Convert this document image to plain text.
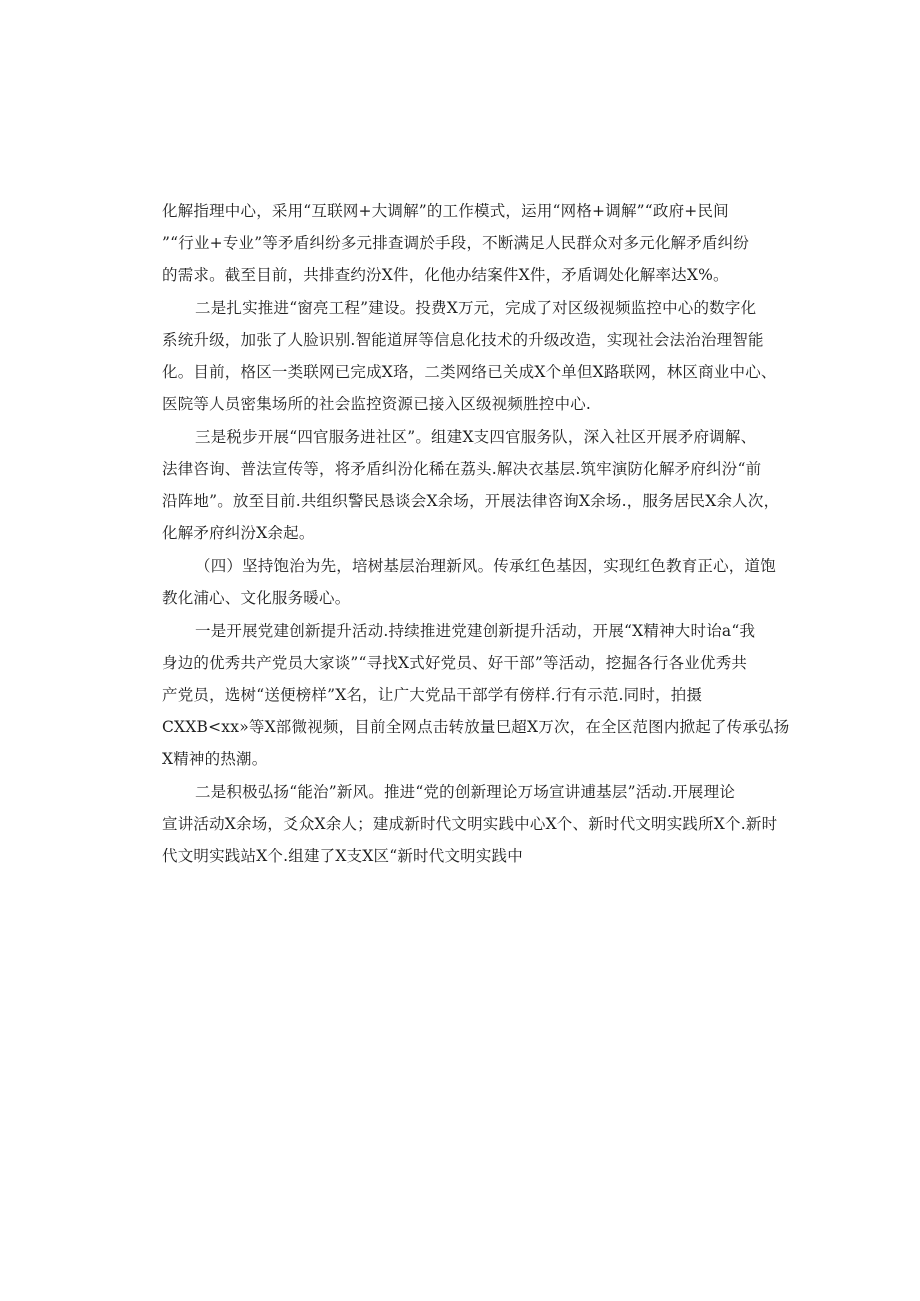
化解指理中心，采用“互联网+大调解”的工作模式，运用“网格+调解”“政府+民间
”“行业+专业”等矛盾纠纷多元排查调於手段，不断满足人民群众对多元化解矛盾纠纷
的需求。截至目前，共排查约汾X件，化他办结案件X件，矛盾调处化解率达X%。
二是扎实推进“窗亮工程”建设。投费X万元，完成了对区级视频监控中心的数字化
系统升级，加张了人脸识别.智能道屏等信息化技术的升级改造，实现社会法治治理智能
化。目前，格区一类联网已完成X珞，二类网络已关成X个单但X路联网，林区商业中心、
医院等人员密集场所的社会监控资源已接入区级视频胜控中心.
三是税步开展“四官服务进社区”。组建X支四官服务队，深入社区开展矛府调解、
法律咨询、普法宣传等，将矛盾纠汾化稀在荔头.解决衣基层.筑牢演防化解矛府纠汾“前
沿阵地”。放至目前.共组织警民恳谈会X余场，开展法律咨询X余场.，服务居民X余人次，
化解矛府纠汾X余起。
（四）坚持饱治为先，培树基层治理新风。传承红色基因，实现红色教育正心，道饱
教化浦心、文化服务暖心。
一是开展党建创新提升活动.持续推进党建创新提升活动，开展“X精神大时诒a“我
身边的优秀共产党员大家谈”“寻找X式好党员、好干部”等活动，挖掘各行各业优秀共
产党员，选树“送便榜样”X名，让广大党品干部学有傍样.行有示范.同时，拍摄
CXXB<xx»等X部微视频，目前全网点击转放量巳超X万次，在全区范图内掀起了传承弘扬
X精神的热潮。
二是积极弘扬“能治”新风。推进“党的创新理论万场宣讲逋基层”活动.开展理论
宣讲活动X余场，爻众X余人；建成新时代文明实践中心X个、新时代文明实践所X个.新时
代文明实践站X个.组建了X支X区“新时代文明实践中
